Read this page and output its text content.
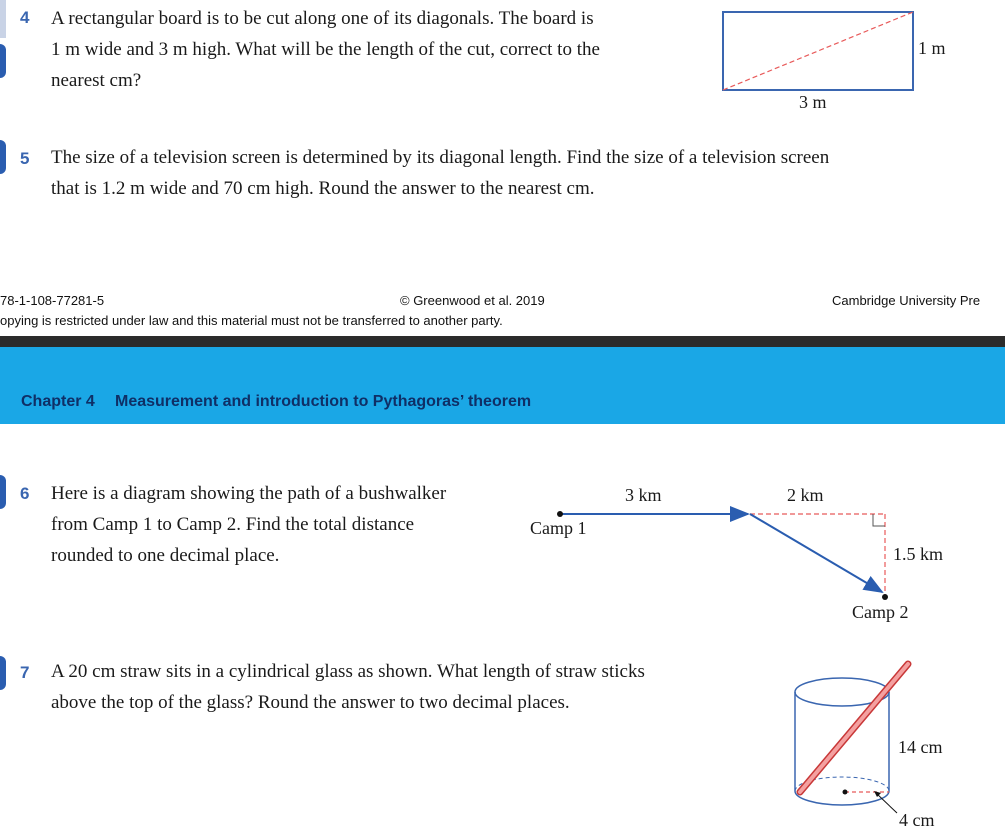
4 A rectangular board is to be cut along one of its diagonals. The board is
1 m wide and 3 m high. What will be the length of the cut, correct to the
nearest cm?
3 m
1 m
5 The size of a television screen is determined by its diagonal length. Find the size of a television screen
that is 1.2 m wide and 70 cm high. Round the answer to the nearest cm.
78-1-108-77281-5	© Greenwood et al. 2019	Cambridge University Pre
opying is restricted under law and this material must not be transferred to another party.
Chapter 4 Measurement and introduction to Pythagoras’ theorem
6 Here is a diagram showing the path of a bushwalker
from Camp 1 to Camp 2. Find the total distance
rounded to one decimal place.
Camp 1
3 km	2 km
1.5 km
Camp 2
7 A 20 cm straw sits in a cylindrical glass as shown. What length of straw sticks
above the top of the glass? Round the answer to two decimal places.
14 cm
4 cm
